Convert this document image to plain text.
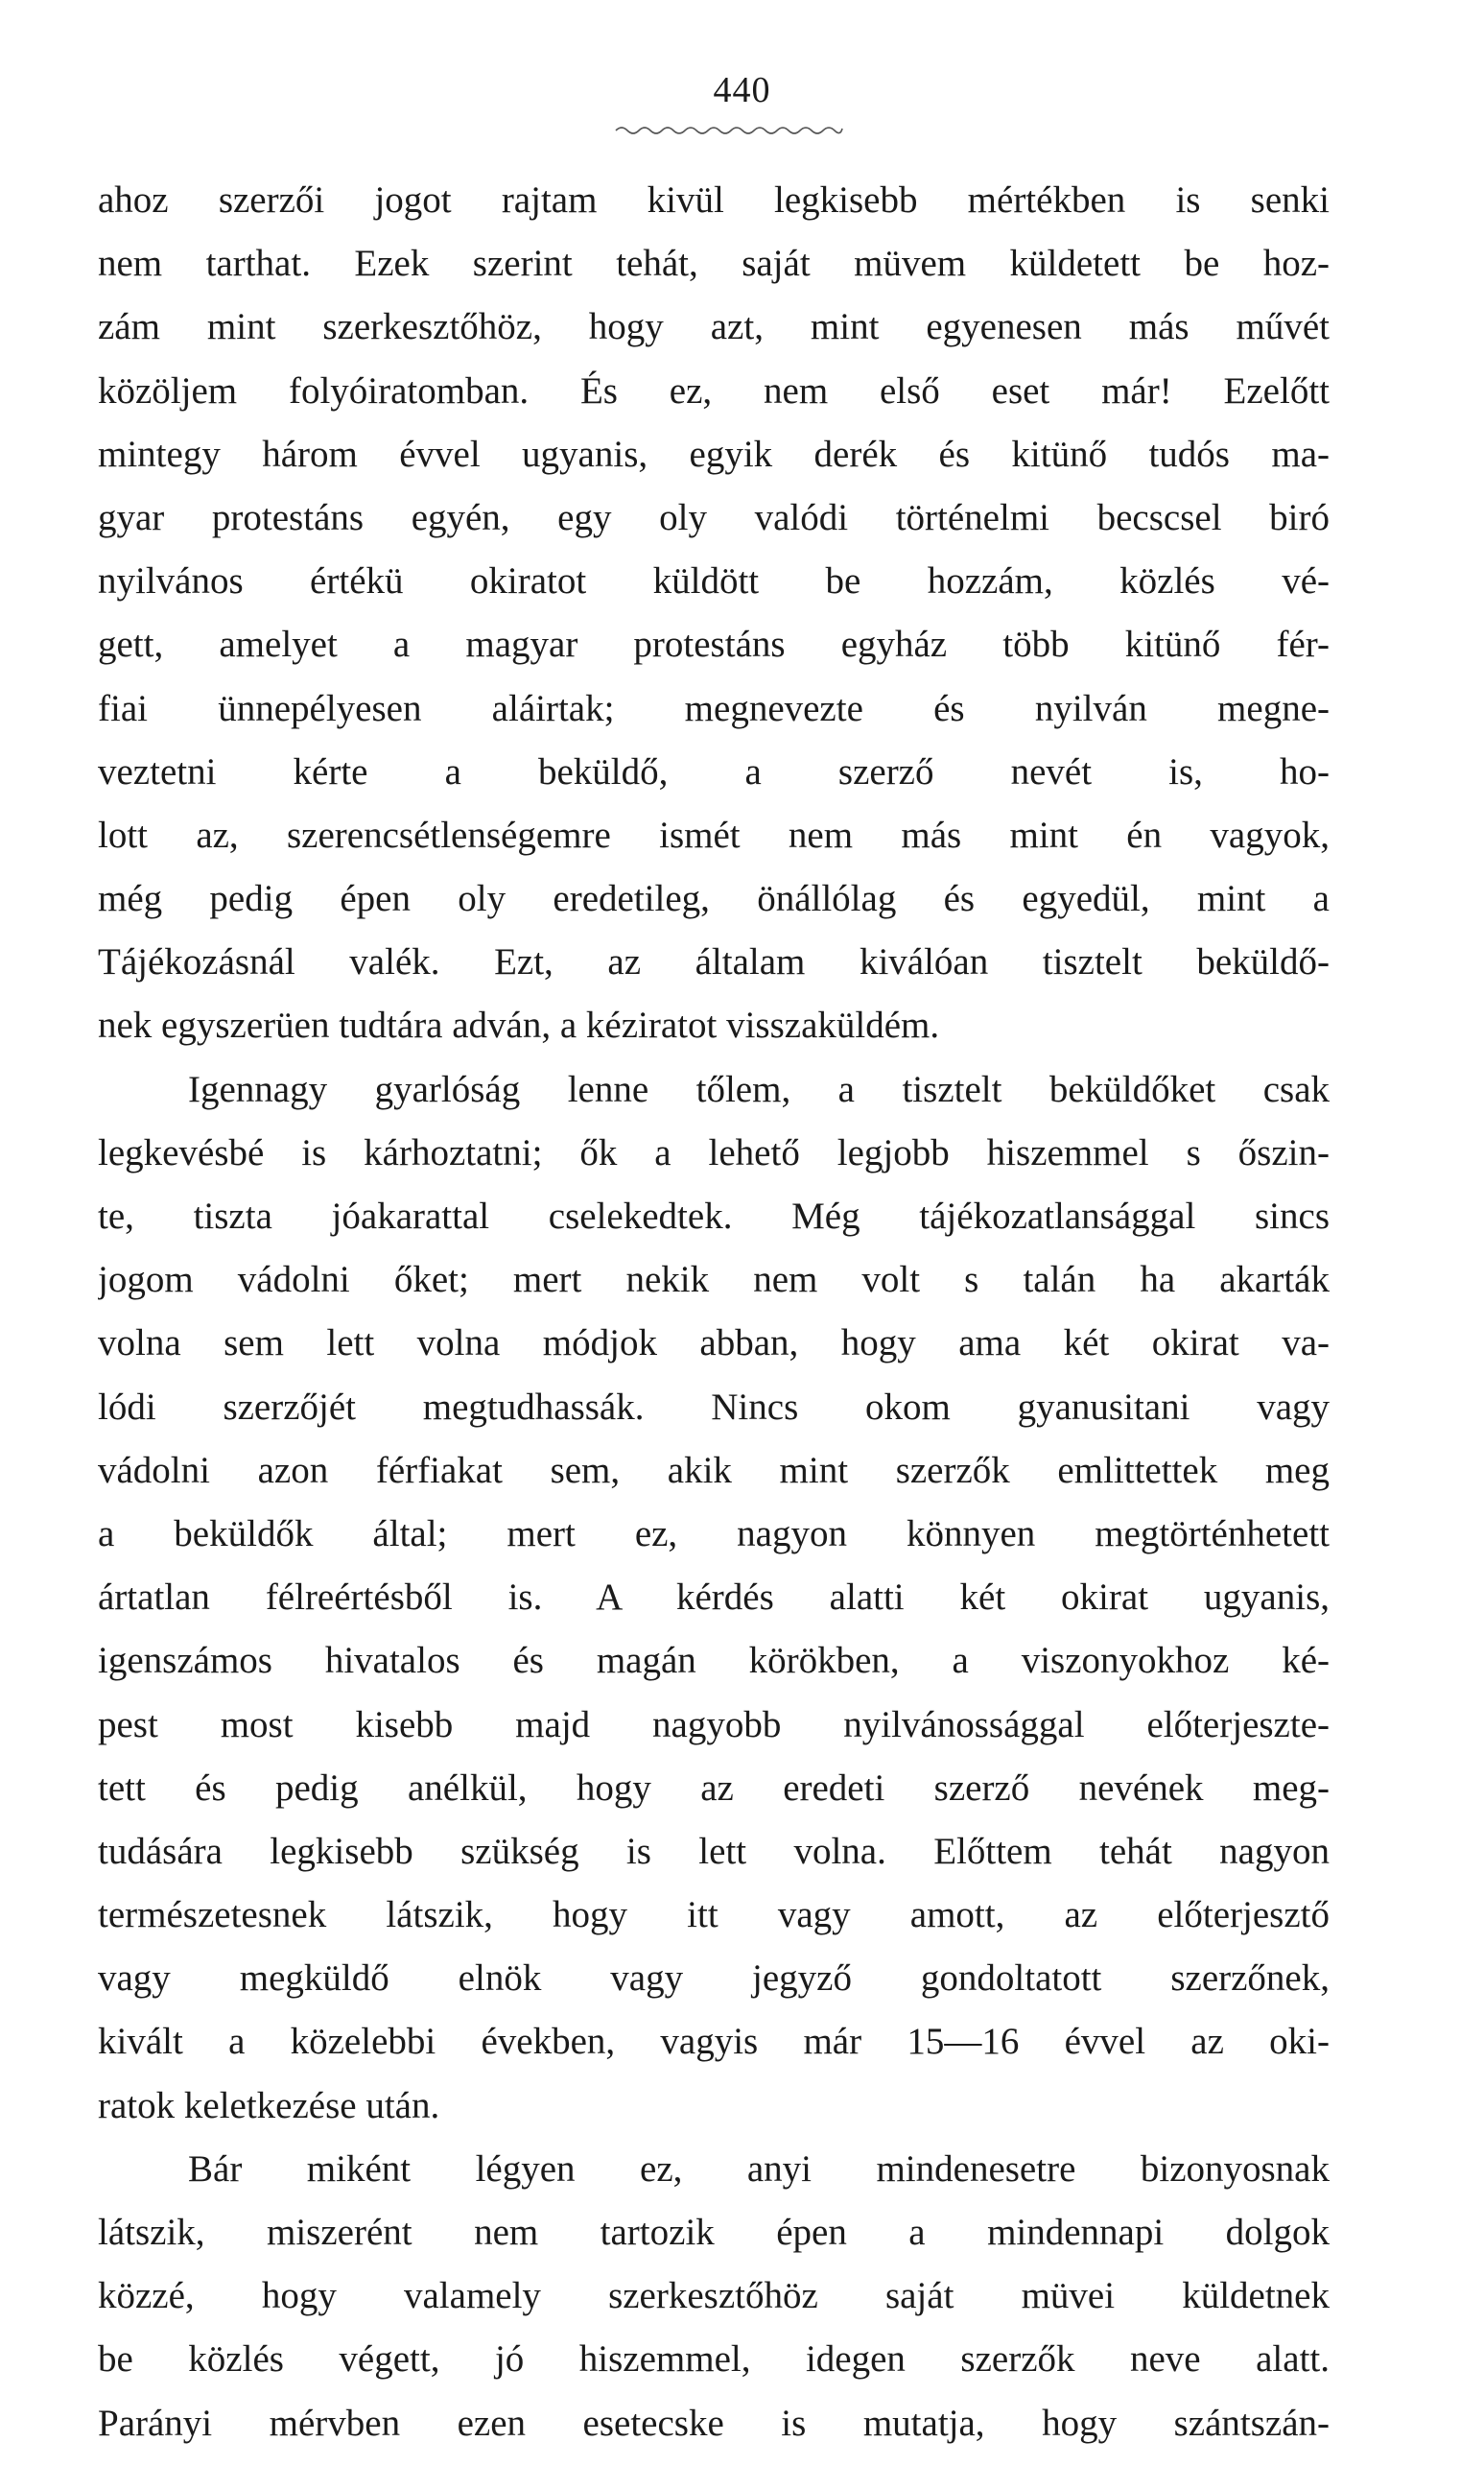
440
ahoz szerzői jogot rajtam kivül legkisebb mértékben is senki
nem tarthat. Ezek szerint tehát, saját müvem küldetett be hoz-
zám mint szerkesztőhöz, hogy azt, mint egyenesen más művét
közöljem folyóiratomban. És ez, nem első eset már! Ezelőtt
mintegy három évvel ugyanis, egyik derék és kitünő tudós ma-
gyar protestáns egyén, egy oly valódi történelmi becscsel biró
nyilvános értékü okiratot küldött be hozzám, közlés vé-
gett, amelyet a magyar protestáns egyház több kitünő fér-
fiai ünnepélyesen aláirtak; megnevezte és nyilván megne-
veztetni kérte a beküldő, a szerző nevét is, ho-
lott az, szerencsétlenségemre ismét nem más mint én vagyok,
még pedig épen oly eredetileg, önállólag és egyedül, mint a
Tájékozásnál valék. Ezt, az általam kiválóan tisztelt beküldő-
nek egyszerüen tudtára adván, a kéziratot visszaküldém.
Igennagy gyarlóság lenne tőlem, a tisztelt beküldőket csak
legkevésbé is kárhoztatni; ők a lehető legjobb hiszemmel s őszin-
te, tiszta jóakarattal cselekedtek. Még tájékozatlansággal sincs
jogom vádolni őket; mert nekik nem volt s talán ha akarták
volna sem lett volna módjok abban, hogy ama két okirat va-
lódi szerzőjét megtudhassák. Nincs okom gyanusitani vagy
vádolni azon férfiakat sem, akik mint szerzők emlittettek meg
a beküldők által; mert ez, nagyon könnyen megtörténhetett
ártatlan félreértésből is. A kérdés alatti két okirat ugyanis,
igenszámos hivatalos és magán körökben, a viszonyokhoz ké-
pest most kisebb majd nagyobb nyilvánossággal előterjeszte-
tett és pedig anélkül, hogy az eredeti szerző nevének meg-
tudására legkisebb szükség is lett volna. Előttem tehát nagyon
természetesnek látszik, hogy itt vagy amott, az előterjesztő
vagy megküldő elnök vagy jegyző gondoltatott szerzőnek,
kivált a közelebbi években, vagyis már 15—16 évvel az oki-
ratok keletkezése után.
Bár miként légyen ez, anyi mindenesetre bizonyosnak
látszik, miszerént nem tartozik épen a mindennapi dolgok
közzé, hogy valamely szerkesztőhöz saját müvei küldetnek
be közlés végett, jó hiszemmel, idegen szerzők neve alatt.
Parányi mérvben ezen esetecske is mutatja, hogy szántszán-
